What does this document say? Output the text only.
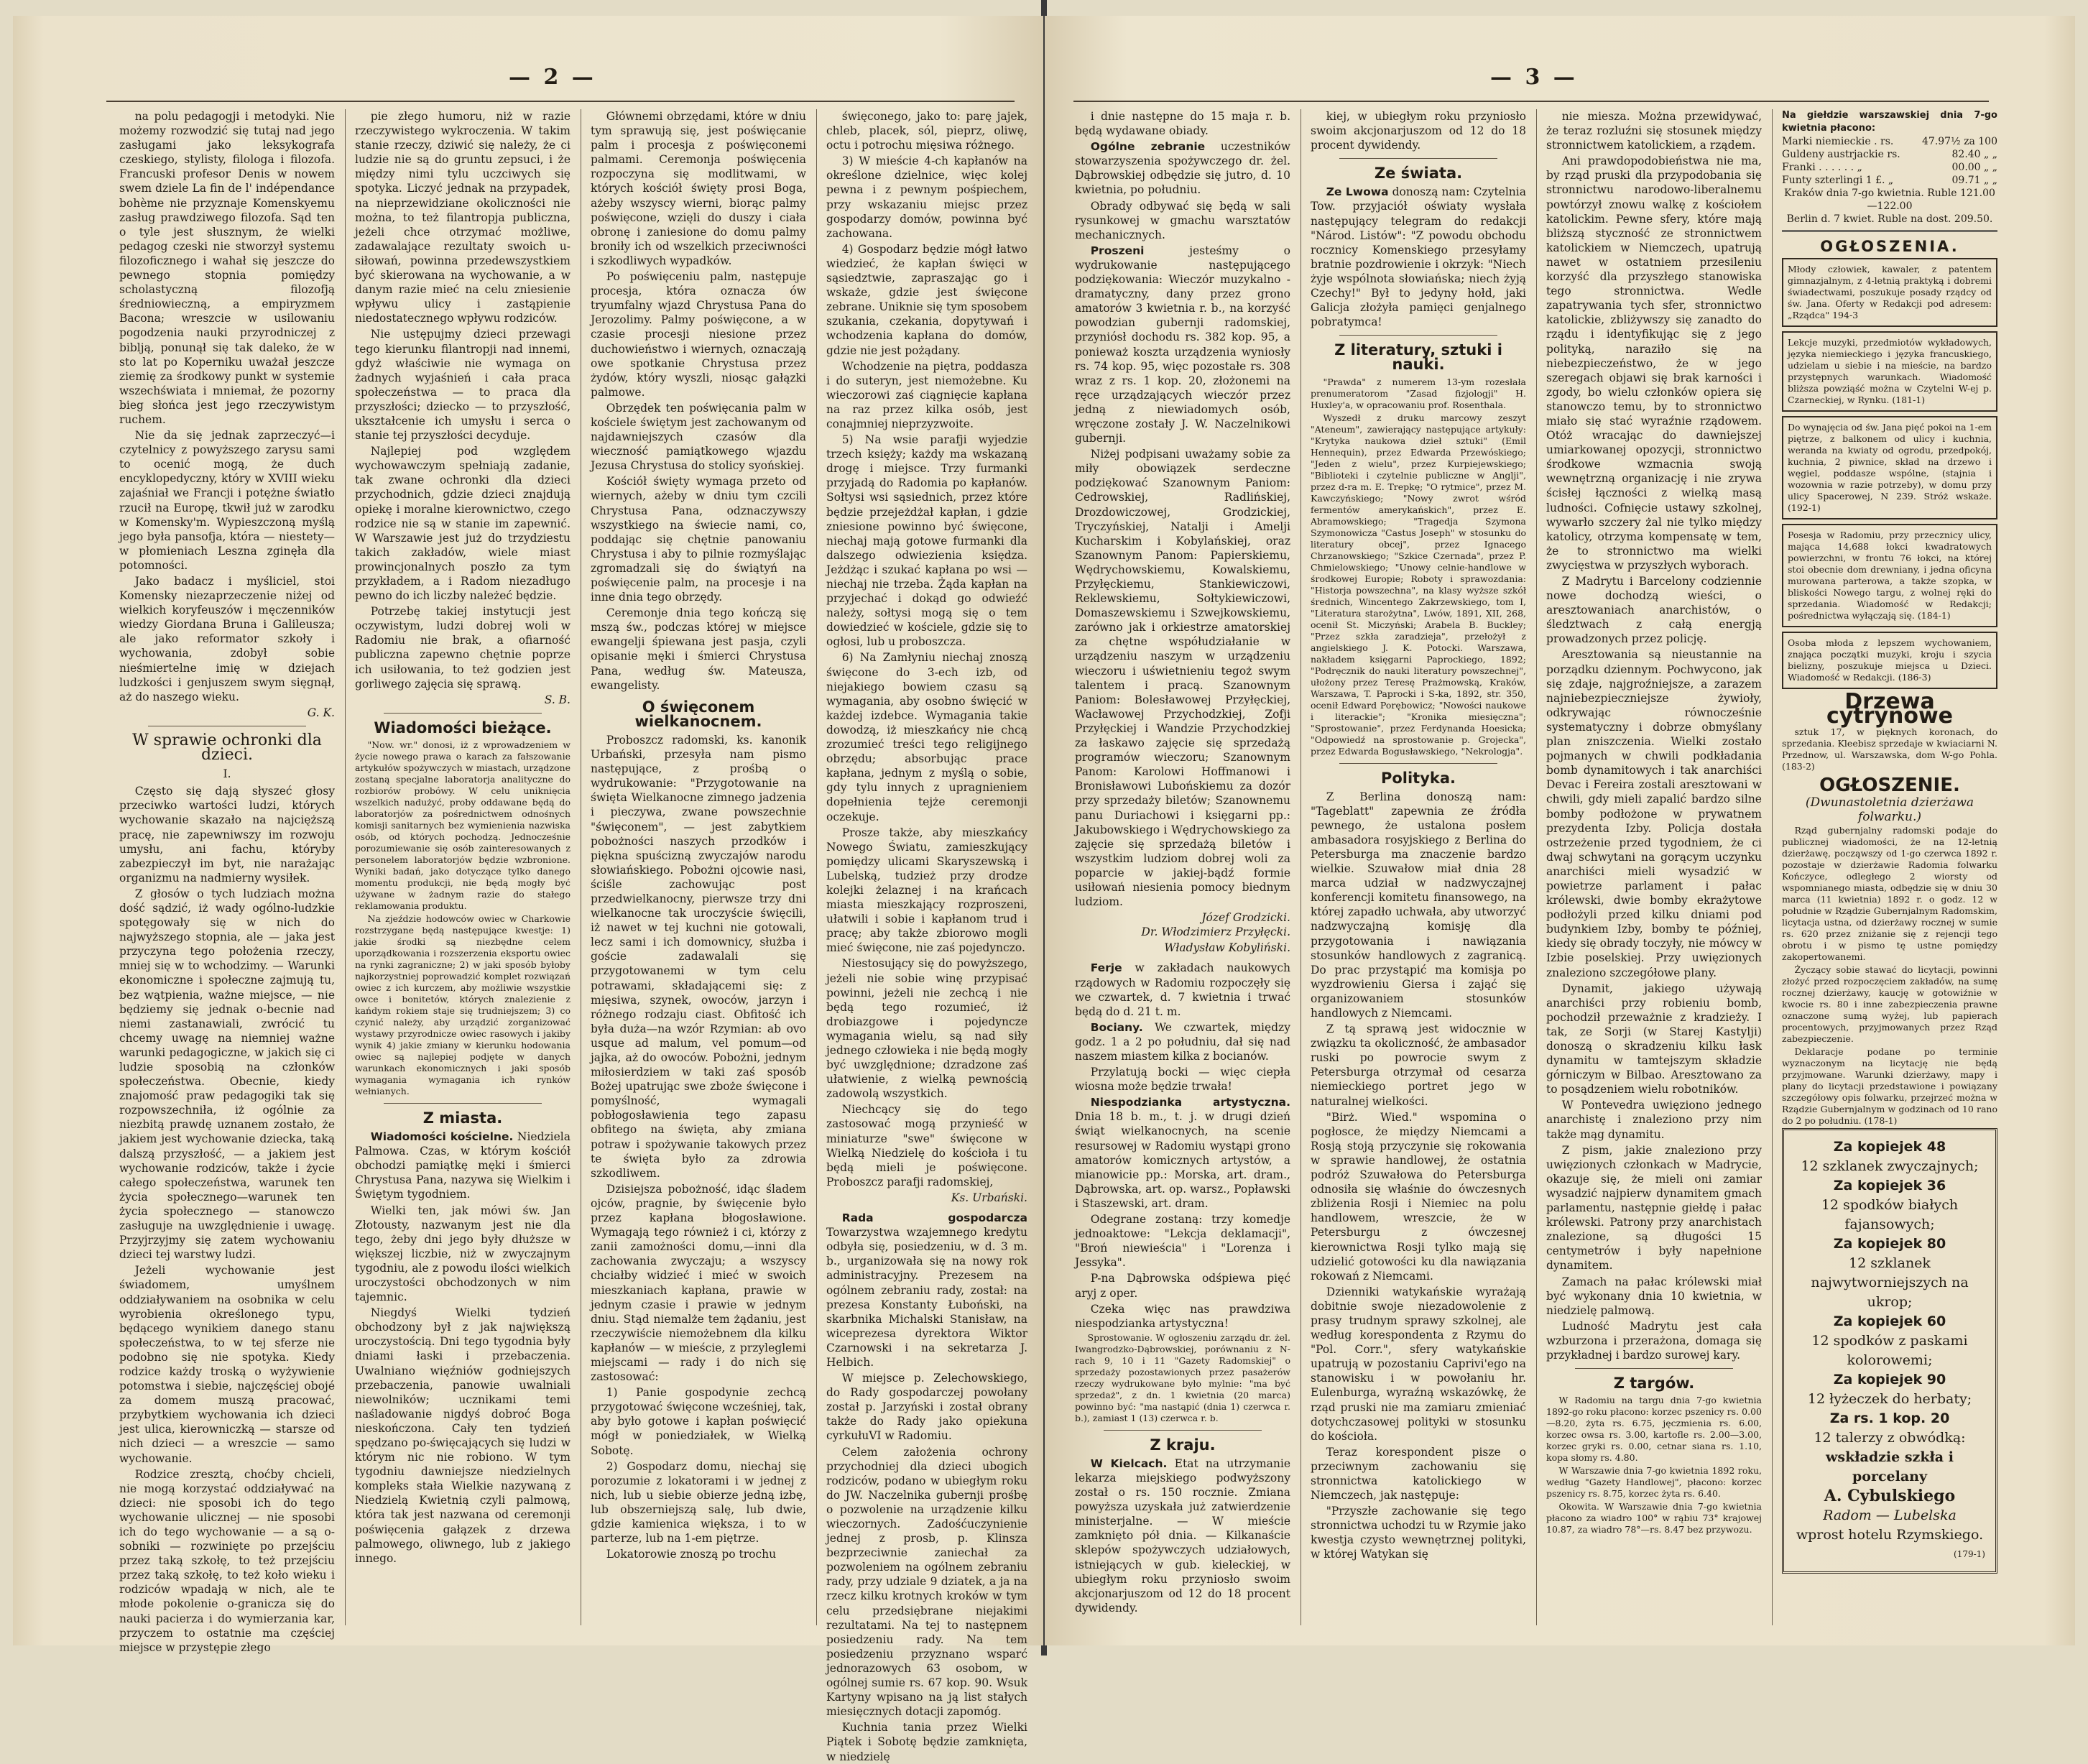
— 2 —

na polu pedagogji i metodyki. Nie możemy rozwodzić się tutaj nad jego zasługami jako leksykografa czeskiego, stylisty, filologa i filozofa. Francuski profesor Denis w nowem swem dziele La fin de l' indépendance bohème nie przyznaje Komenskyemu zasług prawdziwego filozofa. Sąd ten o tyle jest słusznym, że wielki pedagog czeski nie stworzył systemu filozoficznego i wahał się jeszcze do pewnego stopnia pomiędzy scholastyczną filozofją średniowieczną, a empiryzmem Bacona; wreszcie w usilowaniu pogodzenia nauki przyrodniczej z biblją, ponunął się tak daleko, że w sto lat po Koperniku uważał jeszcze ziemię za środkowy punkt w systemie wszechświata i mniemał, że pozorny bieg słońca jest jego rzeczywistym ruchem.

Nie da się jednak zaprzeczyć—i czytelnicy z powyższego zarysu sami to ocenić mogą, że duch encyklopedyczny, który w XVIII wieku zajaśniał we Francji i potężne światło rzucił na Europę, tkwił już w zarodku w Komensky'm. Wypieszczoną myślą jego była pansofja, która — niestety—w płomieniach Leszna zginęła dla potomności.

Jako badacz i myśliciel, stoi Komensky niezaprzeczenie niżej od wielkich koryfeuszów i męczenników wiedzy Giordana Bruna i Galileusza; ale jako reformator szkoły i wychowania, zdobył sobie nieśmiertelne imię w dziejach ludzkości i genjuszem swym sięgnął, aż do naszego wieku.

G. K.
W sprawie ochronki dla dzieci.
I.

Często się dają słyszeć głosy przeciwko wartości ludzi, których wychowanie skazało na najcięższą pracę, nie zapewniwszy im rozwoju umysłu, ani fachu, któryby zabezpieczył im byt, nie narażając organizmu na nadmierny wysiłek.

Z głosów o tych ludziach można dość sądzić, iż wady ogólno-ludzkie spotęgowały się w nich do najwyższego stopnia, ale — jaka jest przyczyna tego położenia rzeczy, mniej się w to wchodzimy. — Warunki ekonomiczne i społeczne zajmują tu, bez wątpienia, ważne miejsce, — nie będziemy się jednak o-becnie nad niemi zastanawiali, zwrócić tu chcemy uwagę na niemniej ważne warunki pedagogiczne, w jakich się ci ludzie sposobią na członków społeczeństwa. Obecnie, kiedy znajomość praw pedagogiki tak się rozpowszechniła, iż ogólnie za niezbitą prawdę uznanem zostało, że jakiem jest wychowanie dziecka, taką dalszą przyszłość, — a jakiem jest wychowanie rodziców, także i życie całego społeczeństwa, warunek ten życia społecznego—warunek ten życia społecznego — stanowczo zasługuje na uwzględnienie i uwagę. Przyjrzyjmy się zatem wychowaniu dzieci tej warstwy ludzi.

Jeżeli wychowanie jest świadomem, umyślnem oddziaływaniem na osobnika w celu wyrobienia określonego typu, będącego wynikiem danego stanu społeczeństwa, to w tej sferze nie podobno się nie spotyka. Kiedy rodzice każdy troską o wyżywienie potomstwa i siebie, najczęściej obojé za domem muszą pracować, przybytkiem wychowania ich dzieci jest ulica, kierowniczką — starsze od nich dzieci — a wreszcie — samo wychowanie.

Rodzice zresztą, choćby chcieli, nie mogą korzystać oddziaływać na dzieci: nie sposobi ich do tego wychowanie ulicznej — nie sposobi ich do tego wychowanie — a są o-sobniki — rozwinięte po przejściu przez taką szkołę, to też przejściu przez taką szkołę, to też koło wieku i rodziców wpadają w nich, ale te młode pokolenie o-granicza się do nauki pacierza i do wymierzania kar, przyczem to ostatnie ma częściej miejsce w przystępie złego

pie złego humoru, niż w razie rzeczywistego wykroczenia. W takim stanie rzeczy, dziwić się należy, że ci ludzie nie są do gruntu zepsuci, i że między nimi tylu uczciwych się spotyka. Liczyć jednak na przypadek, na nieprzewidziane okoliczności nie można, to też filantropja publiczna, jeżeli chce otrzymać możliwe, zadawalające rezultaty swoich u-siłowań, powinna przedewszystkiem być skierowana na wychowanie, a w danym razie mieć na celu zniesienie wpływu ulicy i zastąpienie niedostatecznego wpływu rodziców.

Nie ustępujmy dzieci przewagi tego kierunku filantropji nad innemi, gdyż właściwie nie wymaga on żadnych wyjaśnień i cała praca społeczeństwa — to praca dla przyszłości; dziecko — to przyszłość, ukształcenie ich umysłu i serca o stanie tej przyszłości decyduje.

Najlepiej pod względem wychowawczym spełniają zadanie, tak zwane ochronki dla dzieci przychodnich, gdzie dzieci znajdują opiekę i moralne kierownictwo, czego rodzice nie są w stanie im zapewnić. W Warszawie jest już do trzydziestu takich zakładów, wiele miast prowincjonalnych poszło za tym przykładem, a i Radom niezadługo pewno do ich liczby należeć będzie.

Potrzebę takiej instytucji jest oczywistym, ludzi dobrej woli w Radomiu nie brak, a ofiarność publiczna zapewno chętnie poprze ich usiłowania, to też godzien jest gorliwego zajęcia się sprawą.

S. B.
Wiadomości bieżące.

"Now. wr." donosi, iż z wprowadzeniem w życie nowego prawa o karach za fałszowanie artykułów spożywczych w miastach, urządzone zostaną specjalne laboratorja analityczne do rozbiorów probówy. W celu uniknięcia wszelkich nadużyć, proby oddawane będą do laboratorjów za pośrednictwem odnośnych komisji sanitarnych bez wymienienia nazwiska osób, od których pochodzą. Jednocześnie porozumiewanie się osób zainteresowanych z personelem laboratorjów będzie wzbronione. Wyniki badań, jako dotyczące tylko danego momentu produkcji, nie będą mogły być używane w żadnym razie do stałego reklamowania produktu.

Na zjeździe hodowców owiec w Charkowie rozstrzygane będą następujące kwestje: 1) jakie środki są niezbędne celem uporządkowania i rozszerzenia eksportu owiec na rynki zagraniczne; 2) w jaki sposób byłoby najkorzystniej poprowadzić komplet rozwiązań owiec z ich kurczem, aby możliwie wszystkie owce i bonitetów, których znalezienie z kańdym rokiem staje się trudniejszem; 3) co czynić należy, aby urządzić zorganizować wystawy przyrodnicze owiec rasowych i jakiby wynik 4) jakie zmiany w kierunku hodowania owiec są najlepiej podjęte w danych warunkach ekonomicznych i jaki sposób wymagania wymagania ich rynków wełnianych.

Z miasta.

Wiadomości kościelne. Niedziela Palmowa. Czas, w którym kościół obchodzi pamiątkę męki i śmierci Chrystusa Pana, nazywa się Wielkim i Świętym tygodniem.

Wielki ten, jak mówi św. Jan Złotousty, nazwanym jest nie dla tego, żeby dni jego były dłuższe w większej liczbie, niż w zwyczajnym tygodniu, ale z powodu ilości wielkich uroczystości obchodzonych w nim tajemnic.

Niegdyś Wielki tydzień obchodzony był z jak największą uroczystością. Dni tego tygodnia były dniami łaski i przebaczenia. Uwalniano więźniów godniejszych przebaczenia, panowie uwalniali niewolników; ucznikami temi naśladowanie nigdyś dobroć Boga nieskończona. Cały ten tydzień spędzano po-święcających się ludzi w którym nic nie robiono. W tym tygodniu dawniejsze niedzielnych kompleks stała Wielkie nazywaną z Niedzielą Kwietnią czyli palmową, która tak jest nazwana od ceremonji poświęcenia gałązek z drzewa palmowego, oliwnego, lub z jakiego innego.

Głównemi obrzędami, które w dniu tym sprawują się, jest poświęcanie palm i procesja z poświęconemi palmami. Ceremonja poświęcenia rozpoczyna się modlitwami, w których kościół święty prosi Boga, ażeby wszyscy wierni, biorąc palmy poświęcone, wzięli do duszy i ciała obronę i zaniesione do domu palmy broniły ich od wszelkich przeciwności i szkodliwych wypadków.

Po poświęceniu palm, następuje procesja, która oznacza ów tryumfalny wjazd Chrystusa Pana do Jerozolimy. Palmy poświęcone, a w czasie procesji niesione przez duchowieństwo i wiernych, oznaczają owe spotkanie Chrystusa przez żydów, który wyszli, niosąc gałązki palmowe.

Obrzędek ten poświęcania palm w kościele świętym jest zachowanym od najdawniejszych czasów dla wieczność pamiątkowego wjazdu Jezusa Chrystusa do stolicy syońskiej.

Kościół święty wymaga przeto od wiernych, ażeby w dniu tym czcili Chrystusa Pana, odznaczywszy wszystkiego na świecie nami, co, poddając się chętnie panowaniu Chrystusa i aby to pilnie rozmyślając zgromadzali się do świątyń na poświęcenie palm, na procesje i na inne dnia tego obrzędy.

Ceremonje dnia tego kończą się mszą św., podczas której w miejsce ewangelji śpiewana jest pasja, czyli opisanie męki i śmierci Chrystusa Pana, według św. Mateusza, ewangelisty.

O święconem wielkanocnem.

Proboszcz radomski, ks. kanonik Urbański, przesyła nam pismo następujące, z prośbą o wydrukowanie: "Przygotowanie na święta Wielkanocne zimnego jadzenia i pieczywa, zwane powszechnie "święconem", — jest zabytkiem pobożności naszych przodków i piękna spuścizną zwyczajów narodu słowiańskiego. Pobożni ojcowie nasi, ściśle zachowując post przedwielkanocny, pierwsze trzy dni wielkanocne tak uroczyście święcili, iż nawet w tej kuchni nie gotowali, lecz sami i ich domownicy, służba i goście zadawalali się przygotowanemi w tym celu potrawami, składającemi się: z mięsiwa, szynek, owoców, jarzyn i różnego rodzaju ciast. Obfitość ich była duża—na wzór Rzymian: ab ovo usque ad malum, vel pomum—od jajka, aż do owoców. Pobożni, jednym miłosierdziem w taki zaś sposób Bożej upatrując swe zboże święcone i pomyślność, wymagali pobłogosławienia tego zapasu obfitego na święta, aby zmiana potraw i spożywanie takowych przez te święta było za zdrowia szkodliwem.

Dzisiejsza pobożność, idąc śladem ojców, pragnie, by święcenie było przez kapłana błogosławione. Wymagają tego również i ci, którzy z zanii zamożności domu,—inni dla zachowania zwyczaju; a wszyscy chciałby widzieć i mieć w swoich mieszkaniach kapłana, prawie w jednym czasie i prawie w jednym dniu. Stąd niemalże tem żądaniu, jest rzeczywiście niemożebnem dla kilku kapłanów — w mieście, z przyleglemi miejscami — rady i do nich się zastosować:

1) Panie gospodynie zechcą przygotować święcone wcześniej, tak, aby było gotowe i kapłan poświęcić mógł w poniedziałek, w Wielką Sobotę.

2) Gospodarz domu, niechaj się porozumie z lokatorami i w jednej z nich, lub u siebie obierze jedną izbę, lub obszerniejszą salę, lub dwie, gdzie kamienica większa, i to w parterze, lub na 1-em piętrze.

Lokatorowie znoszą po trochu

święconego, jako to: parę jajek, chleb, placek, sól, pieprz, oliwę, octu i potrochu mięsiwa różnego.

3) W mieście 4-ch kapłanów na określone dzielnice, więc kolej pewna i z pewnym pośpiechem, przy wskazaniu miejsc przez gospodarzy domów, powinna być zachowana.

4) Gospodarz będzie mógł łatwo wiedzieć, że kapłan święci w sąsiedztwie, zapraszając go i wskaże, gdzie jest święcone zebrane. Uniknie się tym sposobem szukania, czekania, dopytywań i wchodzenia kapłana do domów, gdzie nie jest pożądany.

Wchodzenie na piętra, poddasza i do suteryn, jest niemożebne. Ku wieczorowi zaś ciągnięcie kapłana na raz przez kilka osób, jest conajmniej nieprzyzwoite.

5) Na wsie parafji wyjedzie trzech księży; każdy ma wskazaną drogę i miejsce. Trzy furmanki przyjadą do Radomia po kapłanów. Sołtysi wsi sąsiednich, przez które będzie przejeżdżał kapłan, i gdzie zniesione powinno być święcone, niechaj mają gotowe furmanki dla dalszego odwiezienia księdza. Jeżdżąc i szukać kapłana po wsi — niechaj nie trzeba. Żąda kapłan na przyjechać i dokąd go odwieźć należy, sołtysi mogą się o tem dowiedzieć w kościele, gdzie się to ogłosi, lub u proboszcza.

6) Na Zamłyniu niechaj znoszą święcone do 3-ech izb, od niejakiego bowiem czasu są wymagania, aby osobno święcić w każdej izdebce. Wymagania takie dowodzą, iż mieszkańcy nie chcą zrozumieć treści tego religijnego obrzędu; absorbując prace kapłana, jednym z myślą o sobie, gdy tylu innych z upragnieniem dopełnienia tejże ceremonji oczekuje.

Prosze także, aby mieszkańcy Nowego Światu, zamieszkujący pomiędzy ulicami Skaryszewską i Lubelską, tudzież przy drodze kolejki żelaznej i na krańcach miasta mieszkający rozproszeni, ułatwili i sobie i kapłanom trud i pracę; aby także zbiorowo mogli mieć święcone, nie zaś pojedynczo.

Niestosujący się do powyższego, jeżeli nie sobie winę przypisać powinni, jeżeli nie zechcą i nie będą tego rozumieć, iż drobiazgowe i pojedyncze wymagania wielu, są nad siły jednego człowieka i nie będą mogły być uwzględnione; dzradzone zaś ułatwienie, z wielką pewnością zadowolą wszystkich.

Niechcący się do tego zastosować mogą przynieść w miniaturze "swe" święcone w Wielką Niedzielę do kościoła i tu będą mieli je poświęcone. Proboszcz parafji radomskiej,

Ks. Urbański.

Rada gospodarcza Towarzystwa wzajemnego kredytu odbyła się, posiedzeniu, w d. 3 m. b., urganizowała się na nowy rok administracyjny. Prezesem na ogólnem zebraniu rady, został: na prezesa Konstanty Łuboński, na skarbnika Michalski Stanisław, na wiceprezesa dyrektora Wiktor Czarnowski i na sekretarza J. Helbich.

W miejsce p. Zelechowskiego, do Rady gospodarczej powołany został p. Jarzyński i został obrany także do Rady jako opiekuna cyrkułuVI w Radomiu.

Celem założenia ochrony przychodniej dla dzieci ubogich rodziców, podano w ubiegłym roku do JW. Naczelnika gubernji prośbę o pozwolenie na urządzenie kilku wieczornych. Zadośćuczynienie jednej z prosb, p. Klinsza bezprzeciwnie zaniechał za pozwoleniem na ogólnem zebraniu rady, przy udziale 9 dziatek, a ja na rzecz kilku krotnych kroków w tym celu przedsiębrane niejakimi rezultatami. Na tej to następnem posiedzeniu rady. Na tem posiedzeniu przyznano wsparć jednorazowych 63 osobom, w ogólnej sumie rs. 67 kop. 90. Wsuk Kartyny wpisano na ją list stałych miesięcznych dotacji zapomóg.

Kuchnia tania przez Wielki Piątek i Sobotę będzie zamknięta, w niedzielę

— 3 —

i dnie następne do 15 maja r. b. będą wydawane obiady.

Ogólne zebranie uczestników stowarzyszenia spożywczego dr. żel. Dąbrowskiej odbędzie się jutro, d. 10 kwietnia, po południu.

Obrady odbywać się będą w sali rysunkowej w gmachu warsztatów mechanicznych.

Proszeni	jesteśmy o wydrukowanie następującego podziękowania: Wieczór muzykalno - dramatyczny, dany przez grono amatorów 3 kwietnia r. b., na korzyść powodzian gubernji radomskiej, przyniósł dochodu rs. 382 kop. 95, a ponieważ koszta urządzenia wyniosły rs. 74 kop. 95, więc pozostałe rs. 308 wraz z rs. 1 kop. 20, złożonemi na ręce urządzających wieczór przez jedną z niewiadomych osób, wręczone zostały J. W. Naczelnikowi gubernji.

Niżej podpisani uważamy sobie za miły obowiązek serdeczne podziękować Szanownym Paniom: Cedrowskiej, Radlińskiej, Drozdowiczowej, Grodzickiej, Tryczyńskiej, Natalji i Amelji Kucharskim i Kobylańskiej, oraz Szanownym Panom: Papierskiemu, Wędrychowskiemu, Kowalskiemu, Przyłęckiemu, Stankiewiczowi, Reklewskiemu, Sołtykiewiczowi, Domaszewskiemu i Szwejkowskiemu, zarówno jak i orkiestrze amatorskiej za chętne współudziałanie w urządzeniu naszym w urządzeniu wieczoru i uświetnieniu tegoż swym talentem i pracą. Szanownym Paniom: Bolesławowej Przyłęckiej, Wacławowej Przychodzkiej, Zofji Przyłęckiej i Wandzie Przychodzkiej za łaskawo zajęcie się sprzedażą programów wieczoru; Szanownym Panom: Karolowi Hoffmanowi i Bronisławowi Lubońskiemu za dozór przy sprzedaży biletów; Szanownemu panu Duriachowi i księgarni pp.: Jakubowskiego i Wędrychowskiego za zajęcie się sprzedażą biletów i wszystkim ludziom dobrej woli za poparcie w jakiej-bądź formie usiłowań niesienia pomocy biednym ludziom.

Józef Grodzicki.
Dr. Włodzimierz Przyłęcki.
Władysław Kobyliński.

Ferje w zakładach naukowych rządowych w Radomiu rozpoczęły się we czwartek, d. 7 kwietnia i trwać będą do d. 21 t. m.

Bociany. We czwartek, między godz. 1 a 2 po południu, dał się nad naszem miastem kilka z bocianów.

Przylatują bocki — więc ciepła wiosna może będzie trwała!

Niespodzianka artystyczna. Dnia 18 b. m., t. j. w drugi dzień świąt wielkanocnych, na scenie resursowej w Radomiu wystąpi grono amatorów komicznych artystów, a mianowicie pp.: Morska, art. dram., Dąbrowska, art. op. warsz., Popławski i Staszewski, art. dram.

Odegrane zostaną: trzy komedje jednoaktowe: "Lekcja deklamacji", "Broń niewieścia" i "Lorenza i Jessyka".

P-na Dąbrowska odśpiewa pięć aryj z oper.

Czeka więc nas prawdziwa niespodzianka artystyczna!

Sprostowanie. W ogłoszeniu zarządu dr. żel. Iwangrodzko-Dąbrowskiej, porównaniu z N-rach 9, 10 i 11 "Gazety Radomskiej" o sprzedaży pozostawionych przez pasażerów rzeczy wydrukowane było mylnie: "ma być sprzedaż", z dn. 1 kwietnia (20 marca) powinno być: "ma nastąpić (dnia 1) czerwca r. b.), zamiast 1 (13) czerwca r. b.

Z kraju.

W Kielcach. Etat na utrzymanie lekarza miejskiego podwyższony został o rs. 150 rocznie. Zmiana powyższa uzyskała już zatwierdzenie ministerjalne. — W mieście zamknięto pół dnia. — Kilkanaście sklepów spożywczych udziałowych, istniejących w gub. kieleckiej, w ubiegłym roku przyniosło swoim akcjonarjuszom od 12 do 18 procent dywidendy.

kiej, w ubiegłym roku przyniosło swoim akcjonarjuszom od 12 do 18 procent dywidendy.

Ze świata.

Ze Lwowa donoszą nam: Czytelnia Tow. przyjaciół oświaty wysłała następujący telegram do redakcji "Národ. Listów": "Z powodu obchodu rocznicy Komenskiego przesyłamy bratnie pozdrowienie i okrzyk: "Niech żyje wspólnota słowiańska; niech żyją Czechy!" Był to jedyny hołd, jaki Galicja złożyła pamięci genjalnego pobratymca!

Z literatury, sztuki i nauki.

"Prawda" z numerem 13-ym rozesłała prenumeratorom "Zasad fizjologji" H. Huxley'a, w opracowaniu prof. Rosenthala.

Wyszedł z druku marcowy zeszyt "Ateneum", zawierający następujące artykuły: "Krytyka naukowa dzieł sztuki" (Emil Hennequin), przez Edwarda Przewóskiego; "Jeden z wielu", przez Kurpiejewskiego; "Biblioteki i czytelnie publiczne w Anglji", przez d-ra m. E. Trepkę; "O rytmice", przez M. Kawczyńskiego; "Nowy zwrot wśród fermentów amerykańskich", przez E. Abramowskiego; "Tragedja Szymona Szymonowicza "Castus Joseph" w stosunku do literatury obcej", przez Ignacego Chrzanowskiego; "Szkice Czernada", przez P. Chmielowskiego; "Unowy celnie-handlowe w środkowej Europie; Roboty i sprawozdania: "Historja powszechna", na klasy wyższe szkół średnich, Wincentego Zakrzewskiego, tom I, "Literatura starożytna", Lwów, 1891, XII, 268, ocenił St. Miczyński; Arabela B. Buckley; "Przez szkła zaradzieja", przełożył z angielskiego J. K. Potocki. Warszawa, nakładem księgarni Paprockiego, 1892; "Podręcznik do nauki literatury powszechnej", ułożony przez Teresę Prażmowską, Kraków, Warszawa, T. Paprocki i S-ka, 1892, str. 350, ocenił Edward Porębowicz; "Nowości naukowe i literackie"; "Kronika miesięczna"; "Sprostowanie", przez Ferdynanda Hoesicka; "Odpowiedź na sprostowanie p. Grojecka", przez Edwarda Bogusławskiego, "Nekrologja".

Polityka.

Z Berlina donoszą nam: "Tageblatt" zapewnia ze źródła pewnego, że ustalona posłem ambasadora rosyjskiego z Berlina do Petersburga ma znaczenie bardzo wielkie. Szuwałow miał dnia 28 marca udział w nadzwyczajnej konferencji komitetu finansowego, na której zapadło uchwała, aby utworzyć nadzwyczajną komisję dla przygotowania i nawiązania stosunków handlowych z zagranicą. Do prac przystąpić ma komisja po wyzdrowieniu Giersa i zająć się organizowaniem stosunków handlowych z Niemcami.

Z tą sprawą jest widocznie w związku ta okoliczność, że ambasador ruski po powrocie swym z Petersburga otrzymał od cesarza niemieckiego portret jego w naturalnej wielkości.

"Birż. Wied." wspomina o pogłosce, że między Niemcami a Rosją stoją przyczynie się rokowania w sprawie handlowej, że ostatnia podróż Szuwałowa do Petersburga odnosiła się właśnie do ówczesnych zbliżenia Rosji i Niemiec na polu handlowem, wreszcie, że w Petersburgu z ówczesnej kierownictwa Rosji tylko mają się udzielić gotowości ku dla nawiązania rokowań z Niemcami.

Dzienniki watykańskie wyrażają dobitnie swoje niezadowolenie z prasy trudnym sprawy szkolnej, ale według korespondenta z Rzymu do "Pol. Corr.", sfery watykańskie upatrują w pozostaniu Caprivi'ego na stanowisku i w powołaniu hr. Eulenburga, wyraźną wskazówkę, że rząd pruski nie ma zamiaru zmieniać dotychczasowej polityki w stosunku do kościoła.

Teraz korespondent pisze o przeciwnym zachowaniu się stronnictwa katolickiego w Niemczech, jak następuje:

"Przyszłe zachowanie się tego stronnictwa uchodzi tu w Rzymie jako kwestja czysto wewnętrznej polityki, w której Watykan się

nie miesza. Można przewidywać, że teraz rozluźni się stosunek między stronnictwem katolickiem, a rządem.

Ani prawdopodobieństwa nie ma, by rząd pruski dla przypodobania się stronnictwu narodowo-liberalnemu powtórzył znowu walkę z kościołem katolickim. Pewne sfery, które mają bliższą styczność ze stronnictwem katolickiem w Niemczech, upatrują nawet w ostatniem przesileniu korzyść dla przyszłego stanowiska tego stronnictwa. Wedle zapatrywania tych sfer, stronnictwo katolickie, zbliżywszy się zanadto do rządu i identyfikując się z jego polityką, naraziło się na niebezpieczeństwo, że w jego szeregach objawi się brak karności i zgody, bo wielu członków opiera się stanowczo temu, by to stronnictwo miało się stać wyraźnie rządowem. Otóż wracając do dawniejszej umiarkowanej opozycji, stronnictwo środkowe wzmacnia swoją wewnętrzną organizację i nie zrywa ścisłej łączności z wielką masą ludności. Cofnięcie ustawy szkolnej, wywarło szczery żal nie tylko między katolicy, otrzyma kompensatę w tem, że to stronnictwo ma wielki zwycięstwa w przyszłych wyborach.

Z Madrytu i Barcelony codziennie nowe dochodzą wieści, o aresztowaniach anarchistów, o śledztwach z całą energją prowadzonych przez policję.

Aresztowania są nieustannie na porządku dziennym. Pochwycono, jak się zdaje, najgroźniejsze, a zarazem najniebezpieczniejsze żywioły, odkrywając równocześnie systematyczny i dobrze obmyślany plan zniszczenia. Wielki zostało pojmanych w chwili podkładania bomb dynamitowych i tak anarchiści Devac i Fereira zostali aresztowani w chwili, gdy mieli zapalić bardzo silne bomby podłożone w prywatnem prezydenta Izby. Policja dostała ostrzeżenie przed tygodniem, że ci dwaj schwytani na gorącym uczynku anarchiści mieli wysadzić w powietrze parlament i pałac królewski, dwie bomby ekrażytowe podłożyli przed kilku dniami pod budynkiem Izby, bomby te później, kiedy się obrady toczyły, nie mówcy w Izbie poselskiej. Przy uwięzionych znaleziono szczegółowe plany.

Dynamit, jakiego używają anarchiści przy robieniu bomb, pochodził przeważnie z kradzieży. I tak, ze Sorji (w Starej Kastylji) donoszą o skradzeniu kilku łask dynamitu w tamtejszym składzie górniczym w Bilbao. Aresztowano za to posądzeniem wielu robotników.

W Pontevedra uwięziono jednego anarchistę i znaleziono przy nim także mąg dynamitu.

Z pism, jakie znaleziono przy uwięzionych członkach w Madrycie, okazuje się, że mieli oni zamiar wysadzić najpierw dynamitem gmach parlamentu, następnie giełdę i pałac królewski. Patrony przy anarchistach znalezione, są długości 15 centymetrów i były napełnione dynamitem.

Zamach na pałac królewski miał być wykonany dnia 10 kwietnia, w niedzielę palmową.

Ludność Madrytu jest cała wzburzona i przerażona, domaga się przykładnej i bardzo surowej kary.

Z targów.

W Radomiu na targu dnia 7-go kwietnia 1892-go roku płacono: korzec pszenicy rs. 0.00—8.20, żyta rs. 6.75, jęczmienia rs. 6.00, korzec owsa rs. 3.00, kartofle rs. 2.00—3.00, korzec gryki rs. 0.00, cetnar siana rs. 1.10, kopa słomy rs. 4.80.

W Warszawie dnia 7-go kwietnia 1892 roku, według "Gazety Handlowej", płacono: korzec pszenicy rs. 8.75, korzec żyta rs. 6.40.

Okowita. W Warszawie dnia 7-go kwietnia płacono za wiadro 100° w rąbiu 73° krajowej 10.87, za wiadro 78°—rs. 8.47 bez przywozu.

Na giełdzie warszawskiej dnia 7-go kwietnia płacono:
Marki niemieckie . rs.	47.97½ za 100
Guldeny austrjackie rs.	82.40 „ „
Franki . . . . . . „	00.00 „ „
Funty szterlingi 1 £. „	09.71 „ „
Kraków dnia 7-go kwietnia. Ruble 121.00—122.00
Berlin d. 7 kwiet. Ruble na dost. 209.50.
OGŁOSZENIA.
Młody człowiek, kawaler, z patentem gimnazjalnym, z 4-letnią praktyką i dobremi świadectwami, poszukuje posady rządcy od św. Jana. Oferty w Redakcji pod adresem: „Rządca" 194-3
Lekcje muzyki, przedmiotów wykładowych, języka niemieckiego i języka francuskiego, udzielam u siebie i na mieście, na bardzo przystępnych warunkach. Wiadomość bliższa powziąść można w Czytelni W-ej p. Czarneckiej, w Rynku. (181-1)
Do wynajęcia od św. Jana pięć pokoi na 1-em piętrze, z balkonem od ulicy i kuchnia, weranda na kwiaty od ogrodu, przedpokój, kuchnia, 2 piwnice, skład na drzewo i węgiel, poddasze wspólne, (stajnia i wozownia w razie potrzeby), w domu przy ulicy Spacerowej, N 239. Stróż wskaże. (192-1)
Posesja w Radomiu, przy przecznicy ulicy, mająca 14,688 łokci kwadratowych powierzchni, w frontu 76 łokci, na której stoi obecnie dom drewniany, i jedna oficyna murowana parterowa, a także szopka, w bliskości Nowego targu, z wolnej ręki do sprzedania. Wiadomość w Redakcji; pośrednictwa wyłączają się. (184-1)
Osoba młoda z lepszem wychowaniem, znająca początki muzyki, kroju i szycia bielizny, poszukuje miejsca u Dzieci. Wiadomość w Redakcji. (186-3)
Drzewa cytrynowe

sztuk 17, w pięknych koronach, do sprzedania. Kleebisz sprzedaje w kwiaciarni N. Przednow, ul. Warszawska, dom W-go Pohla. (183-2)

OGŁOSZENIE.
(Dwunastoletnia dzierżawa folwarku.)

Rząd gubernjalny radomski podaje do publicznej wiadomości, że na 12-letnią dzierżawę, począwszy od 1-go czerwca 1892 r. pozostaje w dzierżawie Radomia folwarku Kończyce, odległego 2 wiorsty od wspomnianego miasta, odbędzie się w dniu 30 marca (11 kwietnia) 1892 r. o godz. 12 w południe w Rządzie Gubernjalnym Radomskim, licytacja ustna, od dzierżawy rocznej w sumie rs. 620 przez zniżanie się z rejencji tego obrotu i w pismo tę ustne pomiędzy zakopertowanemi.

Życzący sobie stawać do licytacji, powinni złożyć przed rozpoczęciem zakładów, na sumę rocznej dzierżawy, kaucję w gotowiźnie w kwocie rs. 80 i inne zabezpieczenia prawne oznaczone sumą wyżej, lub papierach procentowych, przyjmowanych przez Rząd zabezpieczenie.

Deklaracje podane po terminie wyznaczonym na licytację nie będą przyjmowane. Warunki dzierżawy, mapy i plany do licytacji przedstawione i powiązany szczegółowy opis folwarku, przejrzeć można w Rządzie Gubernjalnym w godzinach od 10 rano do 2 po południu. (178-1)

Za kopiejek 48
12 szklanek zwyczajnych;
Za kopiejek 36
12 spodków białych fajansowych;
Za kopiejek 80
12 szklanek najwytworniejszych na ukrop;
Za kopiejek 60
12 spodków z paskami kolorowemi;
Za kopiejek 90
12 łyżeczek do herbaty;
Za rs. 1 kop. 20
12 talerzy z obwódką:
wskładzie szkła i porcelany
A. Cybulskiego
Radom — Lubelska
wprost hotelu Rzymskiego.
(179-1)
